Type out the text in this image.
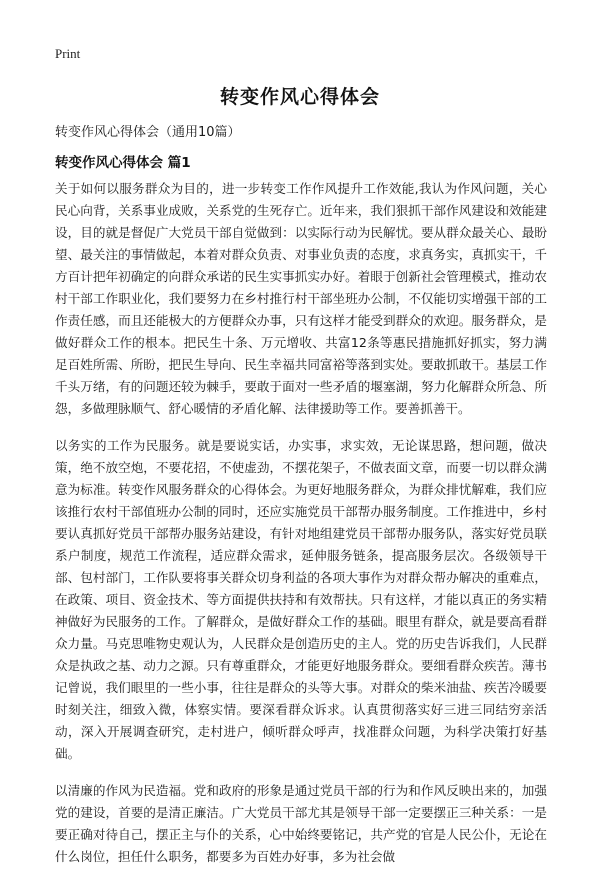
Print
转变作风心得体会
转变作风心得体会（通用10篇）
转变作风心得体会 篇1

关于如何以服务群众为目的，进一步转变工作作风提升工作效能,我认为作风问题，关心民心向背，关系事业成败，关系党的生死存亡。近年来，我们狠抓干部作风建设和效能建设，目的就是督促广大党员干部自觉做到：以实际行动为民解忧。要从群众最关心、最盼望、最关注的事情做起，本着对群众负责、对事业负责的态度，求真务实，真抓实干，千方百计把年初确定的向群众承诺的民生实事抓实办好。着眼于创新社会管理模式，推动农村干部工作职业化，我们要努力在乡村推行村干部坐班办公制，不仅能切实增强干部的工作责任感，而且还能极大的方便群众办事，只有这样才能受到群众的欢迎。服务群众，是做好群众工作的根本。把民生十条、万元增收、共富12条等惠民措施抓好抓实，努力满足百姓所需、所盼，把民生导向、民生幸福共同富裕等落到实处。要敢抓敢干。基层工作千头万绪，有的问题还较为棘手，要敢于面对一些矛盾的堰塞湖，努力化解群众所急、所怨，多做理脉顺气、舒心暖情的矛盾化解、法律援助等工作。要善抓善干。

以务实的工作为民服务。就是要说实话，办实事，求实效，无论谋思路，想问题，做决策，绝不放空炮，不要花招，不使虚劲，不摆花架子，不做表面文章，而要一切以群众满意为标准。转变作风服务群众的心得体会。为更好地服务群众，为群众排忧解难，我们应该推行农村干部值班办公制的同时，还应实施党员干部帮办服务制度。工作推进中，乡村要认真抓好党员干部帮办服务站建设，有针对地组建党员干部帮办服务队，落实好党员联系户制度，规范工作流程，适应群众需求，延伸服务链条，提高服务层次。各级领导干部、包村部门，工作队要将事关群众切身利益的各项大事作为对群众帮办解决的重难点，在政策、项目、资金技术、等方面提供扶持和有效帮扶。只有这样，才能以真正的务实精神做好为民服务的工作。了解群众，是做好群众工作的基础。眼里有群众，就是要高看群众力量。马克思唯物史观认为，人民群众是创造历史的主人。党的历史告诉我们，人民群众是执政之基、动力之源。只有尊重群众，才能更好地服务群众。要细看群众疾苦。薄书记曾说，我们眼里的一些小事，往往是群众的头等大事。对群众的柴米油盐、疾苦冷暖要时刻关注，细致入微，体察实情。要深看群众诉求。认真贯彻落实好三进三同结穷亲活动，深入开展调查研究，走村进户，倾听群众呼声，找准群众问题，为科学决策打好基础。

以清廉的作风为民造福。党和政府的形象是通过党员干部的行为和作风反映出来的，加强党的建设，首要的是清正廉洁。广大党员干部尤其是领导干部一定要摆正三种关系：一是要正确对待自己，摆正主与仆的关系，心中始终要铭记，共产党的官是人民公仆，无论在什么岗位，担任什么职务，都要多为百姓办好事，多为社会做
